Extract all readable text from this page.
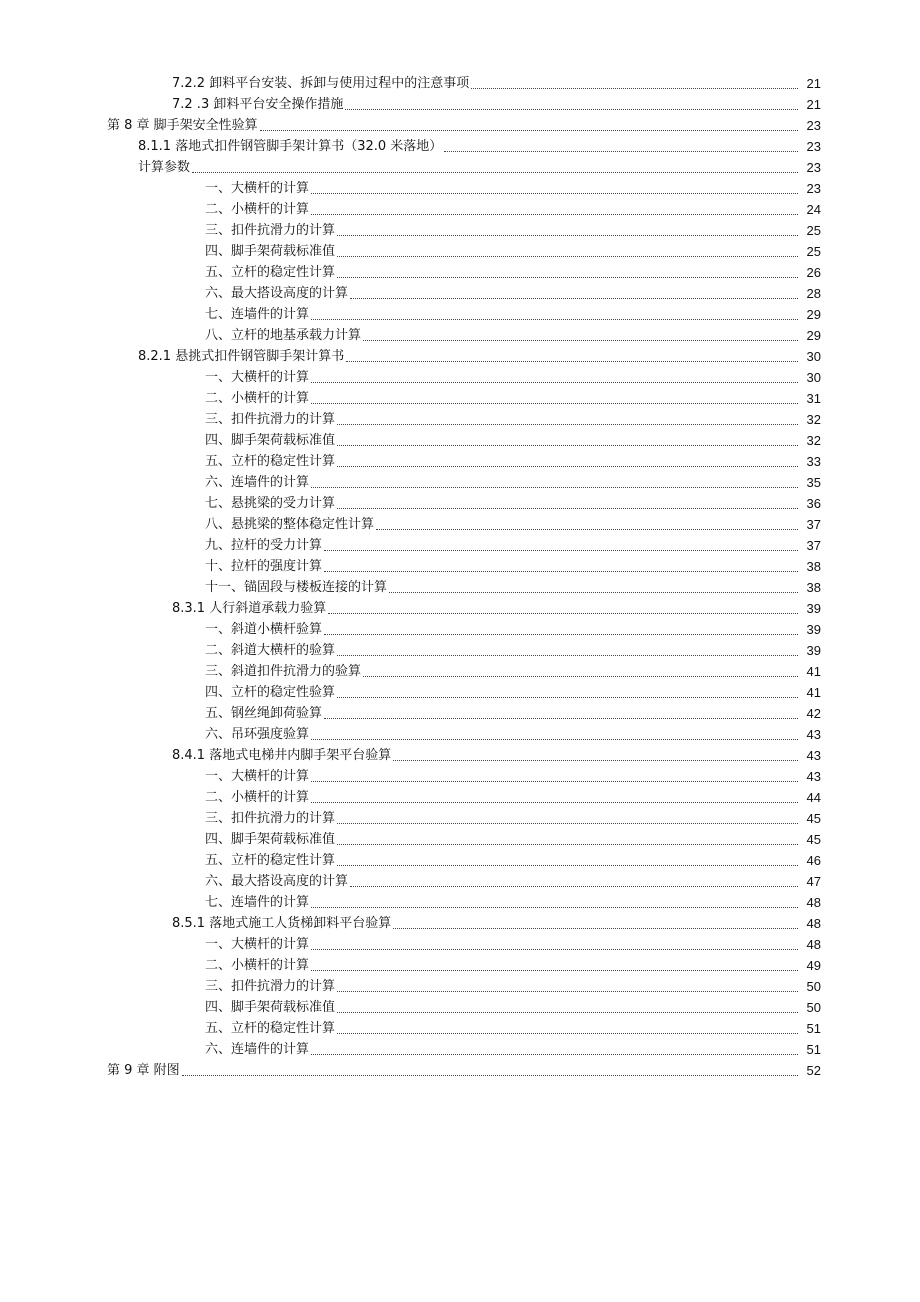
7.2.2 卸料平台安装、拆卸与使用过程中的注意事项	21
7.2 .3 卸料平台安全操作措施	21
第 8 章 脚手架安全性验算	23
8.1.1 落地式扣件钢管脚手架计算书（32.0 米落地）	23
计算参数	23
一、大横杆的计算	23
二、小横杆的计算	24
三、扣件抗滑力的计算	25
四、脚手架荷载标准值	25
五、立杆的稳定性计算	26
六、最大搭设高度的计算	28
七、连墙件的计算	29
八、立杆的地基承载力计算	29
8.2.1 悬挑式扣件钢管脚手架计算书	30
一、大横杆的计算	30
二、小横杆的计算	31
三、扣件抗滑力的计算	32
四、脚手架荷载标准值	32
五、立杆的稳定性计算	33
六、连墙件的计算	35
七、悬挑梁的受力计算	36
八、悬挑梁的整体稳定性计算	37
九、拉杆的受力计算	37
十、拉杆的强度计算	38
十一、锚固段与楼板连接的计算	38
8.3.1 人行斜道承载力验算	39
一、斜道小横杆验算	39
二、斜道大横杆的验算	39
三、斜道扣件抗滑力的验算	41
四、立杆的稳定性验算	41
五、钢丝绳卸荷验算	42
六、吊环强度验算	43
8.4.1 落地式电梯井内脚手架平台验算	43
一、大横杆的计算	43
二、小横杆的计算	44
三、扣件抗滑力的计算	45
四、脚手架荷载标准值	45
五、立杆的稳定性计算	46
六、最大搭设高度的计算	47
七、连墙件的计算	48
8.5.1 落地式施工人货梯卸料平台验算	48
一、大横杆的计算	48
二、小横杆的计算	49
三、扣件抗滑力的计算	50
四、脚手架荷载标准值	50
五、立杆的稳定性计算	51
六、连墙件的计算	51
第 9 章 附图	52
